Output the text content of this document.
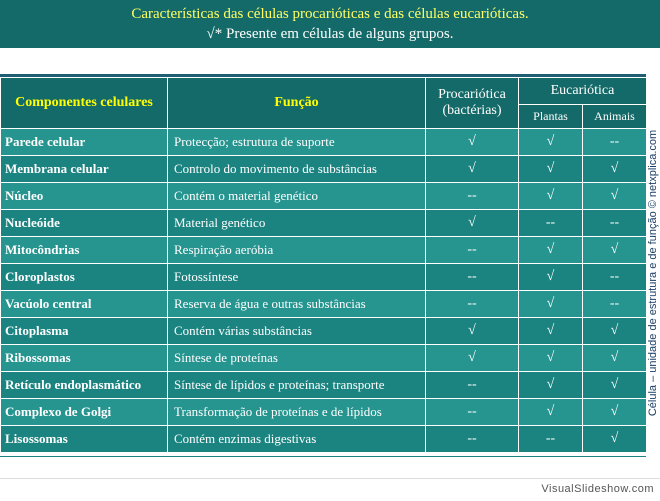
Características das células procarióticas e das células eucarióticas.
√* Presente em células de alguns grupos.
Componentes celulares	Função	Procariótica (bactérias)	Eucariótica	
			Plantas	Animais
Parede celular	Protecção; estrutura de suporte	√	√	--
Membrana celular	Controlo do movimento de substâncias	√	√	√
Núcleo	Contém o material genético	--	√	√
Nucleóide	Material genético	√	--	--
Mitocôndrias	Respiração aeróbia	--	√	√
Cloroplastos	Fotossíntese	--	√	--
Vacúolo central	Reserva de água e outras substâncias	--	√	--
Citoplasma	Contém várias substâncias	√	√	√
Ribossomas	Síntese de proteínas	√	√	√
Retículo endoplasmático	Síntese de lípidos e proteínas; transporte	--	√	√
Complexo de Golgi	Transformação de proteínas e de lípidos	--	√	√
Lisossomas	Contém enzimas digestivas	--	--	√
Célula – unidade de estrutura e de função © netxplica.com
VisualSlideshow.com
